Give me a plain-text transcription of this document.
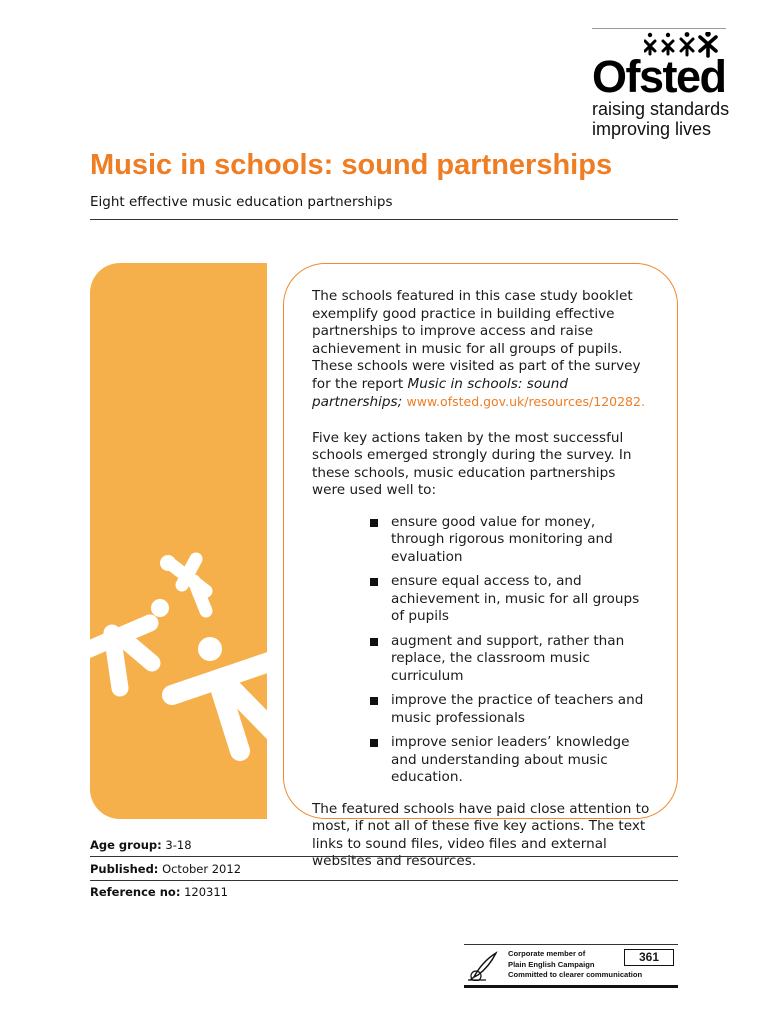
Ofsted
raising standards
improving lives
Music in schools: sound partnerships
Eight effective music education partnerships

The schools featured in this case study booklet exemplify good practice in building effective partnerships to improve access and raise achievement in music for all groups of pupils. These schools were visited as part of the survey for the report Music in schools: sound partnerships; www.ofsted.gov.uk/resources/120282.

Five key actions taken by the most successful schools emerged strongly during the survey. In these schools, music education partnerships were used well to:

ensure good value for money, through rigorous monitoring and evaluation
ensure equal access to, and achievement in, music for all groups of pupils
augment and support, rather than replace, the classroom music curriculum
improve the practice of teachers and music professionals
improve senior leaders’ knowledge and understanding about music education.

The featured schools have paid close attention to most, if not all of these five key actions. The text links to sound files, video files and external websites and resources.

Age group: 3-18
Published: October 2012
Reference no: 120311
Corporate member of
Plain English Campaign
Committed to clearer communication
361
